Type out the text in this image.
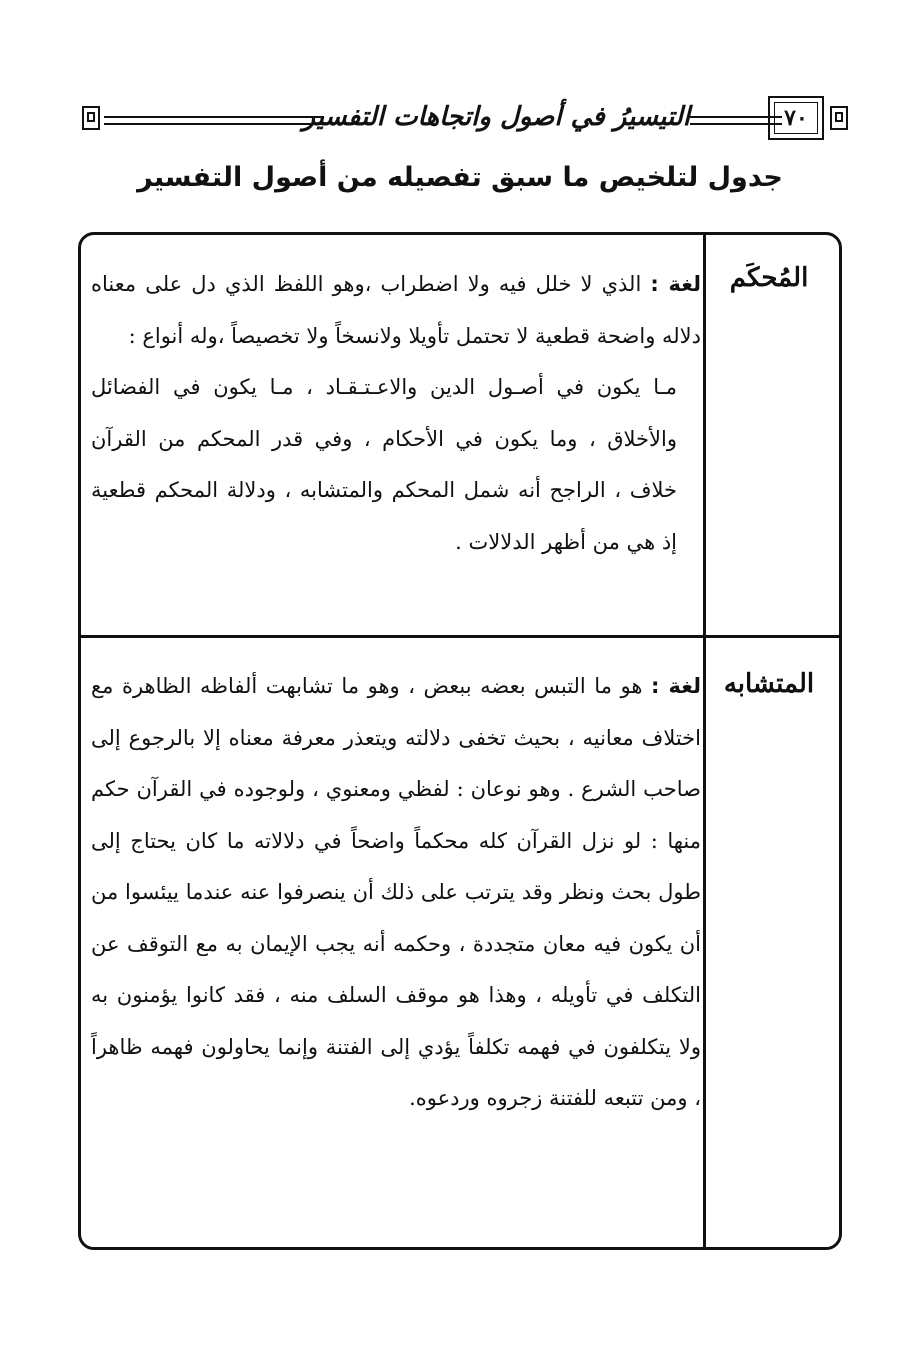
التيسيرُ في أصول واتجاهات التفسير	٧٠
جدول لتلخيص ما سبق تفصيله من أصول التفسير
المُحكَم

لغة : الذي لا خلل فيه ولا اضطراب ،وهو اللفظ الذي دل على معناه دلاله واضحة قطعية لا تحتمل تأويلا ولانسخاً ولا تخصيصاً ،وله أنواع :

مـا يكون في أصـول الدين والاعـتـقـاد ، مـا يكون في الفضائل والأخلاق ، وما يكون في الأحكام ، وفي قدر المحكم من القرآن خلاف ، الراجح أنه شمل المحكم والمتشابه ، ودلالة المحكم قطعية إذ هي من أظهر الدلالات .

المتشابه

لغة : هو ما التبس بعضه ببعض ، وهو ما تشابهت ألفاظه الظاهرة مع اختلاف معانيه ، بحيث تخفى دلالته ويتعذر معرفة معناه إلا بالرجوع إلى صاحب الشرع . وهو نوعان : لفظي ومعنوي ، ولوجوده في القرآن حكم منها : لو نزل القرآن كله محكماً واضحاً في دلالاته ما كان يحتاج إلى طول بحث ونظر وقد يترتب على ذلك أن ينصرفوا عنه عندما ييئسوا من أن يكون فيه معان متجددة ، وحكمه أنه يجب الإيمان به مع التوقف عن التكلف في تأويله ، وهذا هو موقف السلف منه ، فقد كانوا يؤمنون به ولا يتكلفون في فهمه تكلفاً يؤدي إلى الفتنة وإنما يحاولون فهمه ظاهراً ، ومن تتبعه للفتنة زجروه وردعوه.
